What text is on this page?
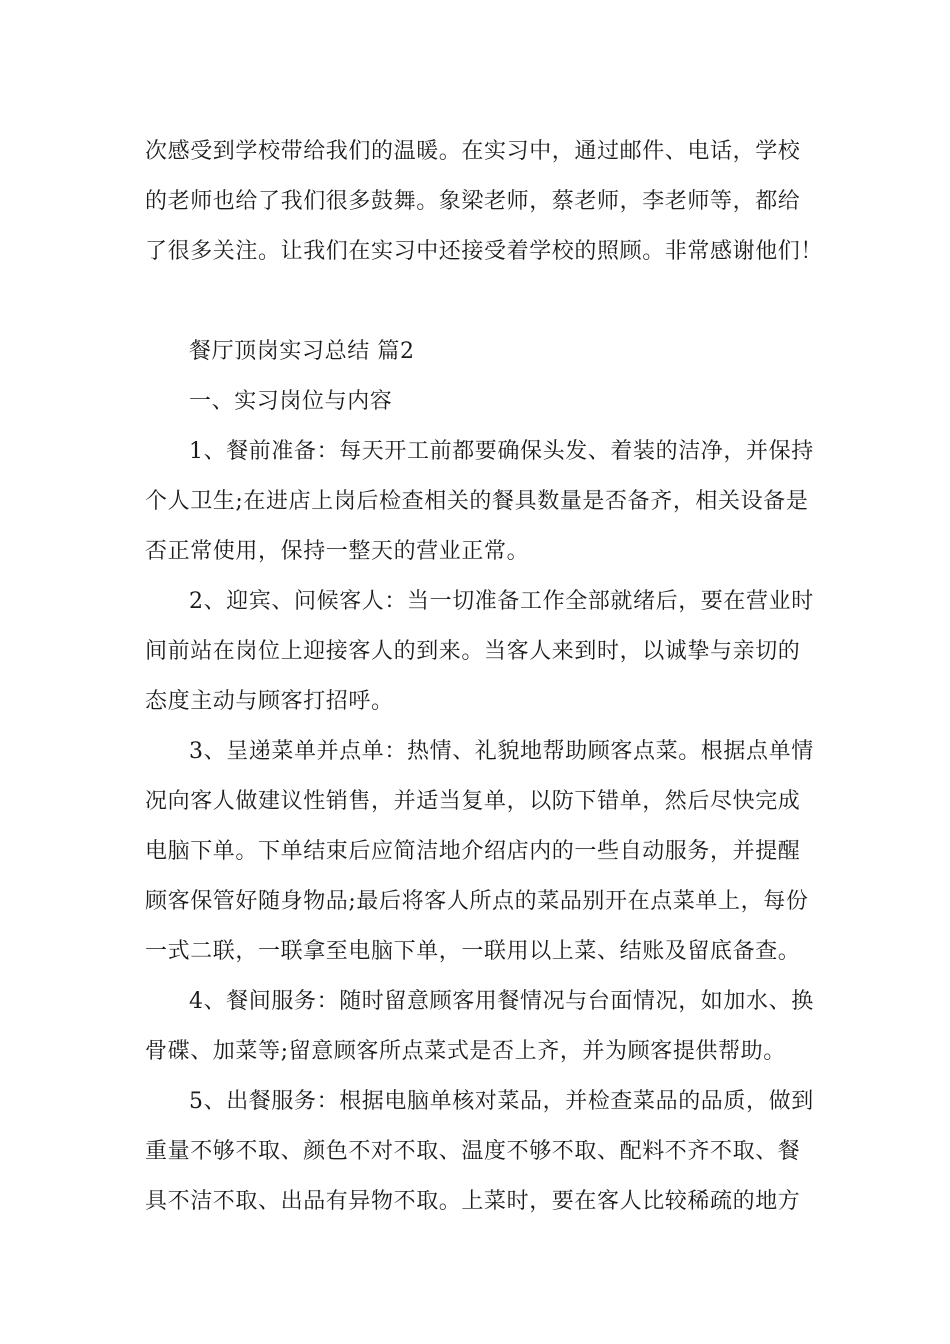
次感受到学校带给我们的温暖。在实习中，通过邮件、电话，学校
的老师也给了我们很多鼓舞。象梁老师，蔡老师，李老师等，都给
了很多关注。让我们在实习中还接受着学校的照顾。非常感谢他们！
餐厅顶岗实习总结 篇2
一、实习岗位与内容
1、餐前准备：每天开工前都要确保头发、着装的洁净，并保持
个人卫生;在进店上岗后检查相关的餐具数量是否备齐，相关设备是
否正常使用，保持一整天的营业正常。
2、迎宾、问候客人：当一切准备工作全部就绪后，要在营业时
间前站在岗位上迎接客人的到来。当客人来到时，以诚挚与亲切的
态度主动与顾客打招呼。
3、呈递菜单并点单：热情、礼貌地帮助顾客点菜。根据点单情
况向客人做建议性销售，并适当复单，以防下错单，然后尽快完成
电脑下单。下单结束后应简洁地介绍店内的一些自动服务，并提醒
顾客保管好随身物品;最后将客人所点的菜品别开在点菜单上，每份
一式二联，一联拿至电脑下单，一联用以上菜、结账及留底备查。
4、餐间服务：随时留意顾客用餐情况与台面情况，如加水、换
骨碟、加菜等;留意顾客所点菜式是否上齐，并为顾客提供帮助。
5、出餐服务：根据电脑单核对菜品，并检查菜品的品质，做到
重量不够不取、颜色不对不取、温度不够不取、配料不齐不取、餐
具不洁不取、出品有异物不取。上菜时，要在客人比较稀疏的地方
